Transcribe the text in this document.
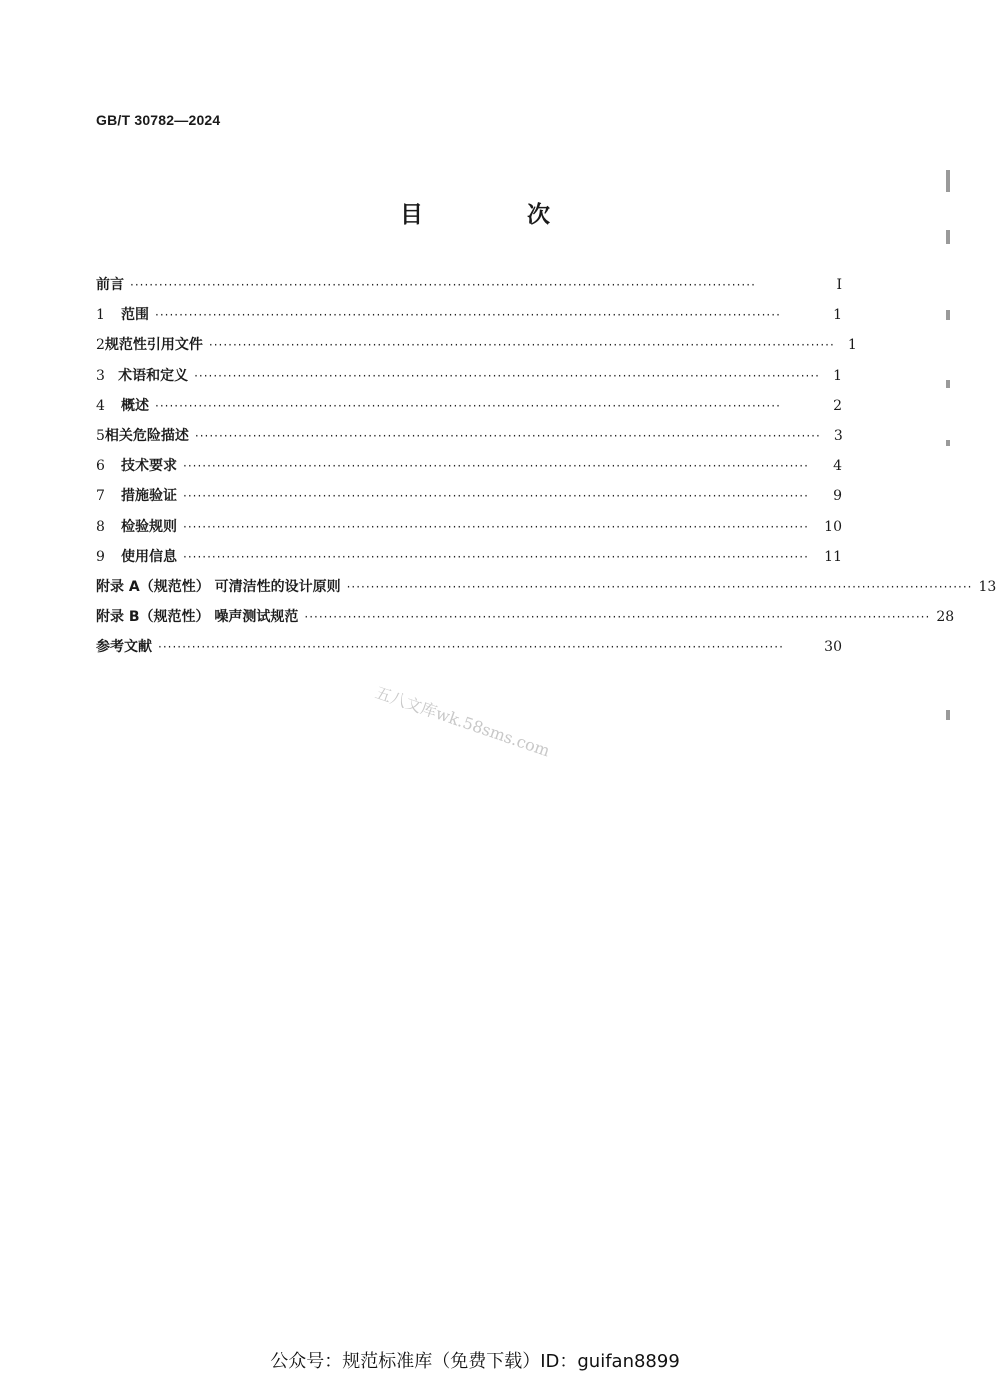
GB/T 30782—2024
目 次
前言 ··································································································································	Ⅰ
1	范围 ··································································································································	1
2 规范性引用文件 ·································································································································· 1
3 术语和定义 ·································································································································· 1
4	概述 ··································································································································	2
5 相关危险描述 ·································································································································· 3
6	技术要求 ··································································································································	4
7	措施验证 ··································································································································	9
8	检验规则 ··································································································································	10
9	使用信息 ··································································································································	11
附录 A（规范性） 可清洁性的设计原则 ·································································································································· 13
附录 B（规范性） 噪声测试规范 ·································································································································· 28
参考文献 ··································································································································	30
五八文库wk.58sms.com
公众号：规范标准库（免费下载）ID：guifan8899
